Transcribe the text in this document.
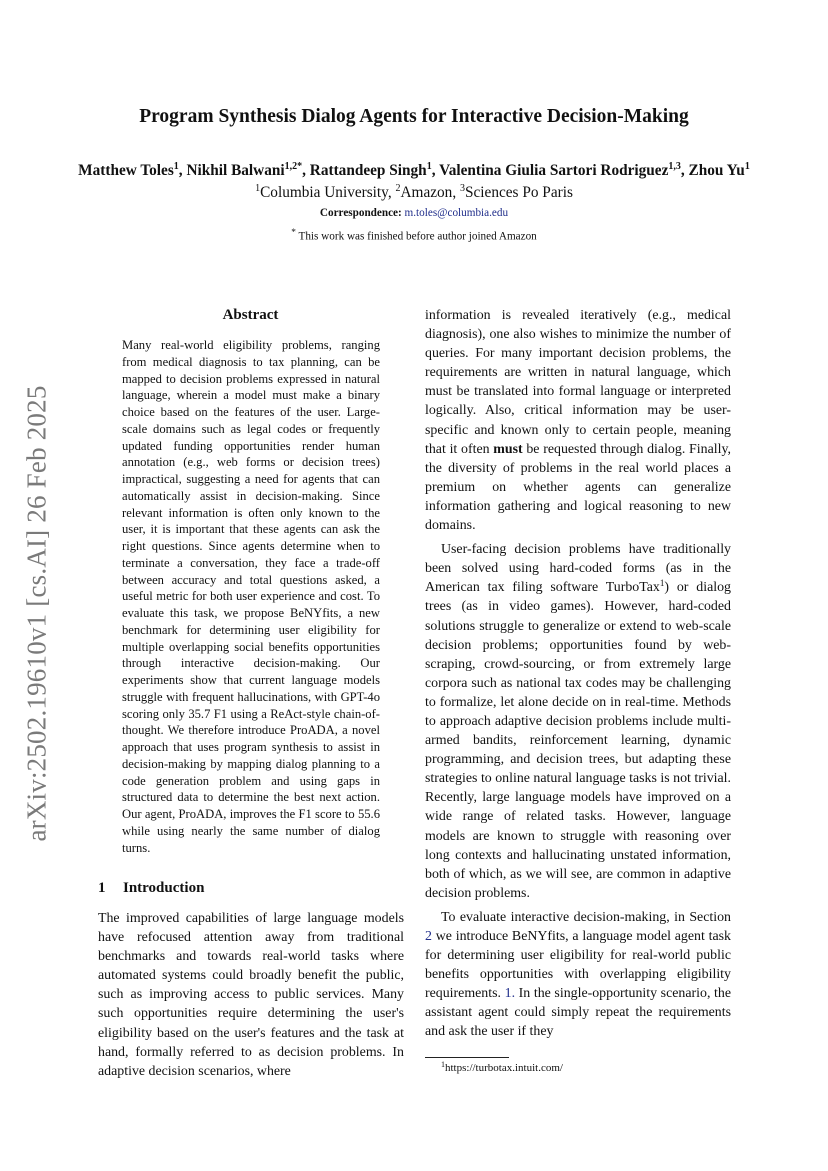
arXiv:2502.19610v1 [cs.AI] 26 Feb 2025
Program Synthesis Dialog Agents for Interactive Decision-Making
Matthew Toles$^1$, Nikhil Balwani$^{1,2*}$, Rattandeep Singh$^1$, Valentina Giulia Sartori Rodriguez$^{1,3}$, Zhou Yu$^1$
$^1$Columbia University, $^2$Amazon, $^3$Sciences Po Paris
Correspondence: m.toles@columbia.edu
* This work was finished before author joined Amazon
Abstract
Many real-world eligibility problems, ranging from medical diagnosis to tax planning, can be mapped to decision problems expressed in natural language, wherein a model must make a binary choice based on the features of the user. Large-scale domains such as legal codes or frequently updated funding opportunities render human annotation (e.g., web forms or decision trees) impractical, suggesting a need for agents that can automatically assist in decision-making. Since relevant information is often only known to the user, it is important that these agents can ask the right questions. Since agents determine when to terminate a conversation, they face a trade-off between accuracy and total questions asked, a useful metric for both user experience and cost. To evaluate this task, we propose BeNYfits, a new benchmark for determining user eligibility for multiple overlapping social benefits opportunities through interactive decision-making. Our experiments show that current language models struggle with frequent hallucinations, with GPT-4o scoring only 35.7 F1 using a ReAct-style chain-of-thought. We therefore introduce ProADA, a novel approach that uses program synthesis to assist in decision-making by mapping dialog planning to a code generation problem and using gaps in structured data to determine the best next action. Our agent, ProADA, improves the F1 score to 55.6 while using nearly the same number of dialog turns.
1 Introduction

The improved capabilities of large language models have refocused attention away from traditional benchmarks and towards real-world tasks where automated systems could broadly benefit the public, such as improving access to public services. Many such opportunities require determining the user's eligibility based on the user's features and the task at hand, formally referred to as decision problems. In adaptive decision scenarios, where

information is revealed iteratively (e.g., medical diagnosis), one also wishes to minimize the number of queries. For many important decision problems, the requirements are written in natural language, which must be translated into formal language or interpreted logically. Also, critical information may be user-specific and known only to certain people, meaning that it often must be requested through dialog. Finally, the diversity of problems in the real world places a premium on whether agents can generalize information gathering and logical reasoning to new domains.

User-facing decision problems have traditionally been solved using hard-coded forms (as in the American tax filing software TurboTax$^1$) or dialog trees (as in video games). However, hard-coded solutions struggle to generalize or extend to web-scale decision problems; opportunities found by web-scraping, crowd-sourcing, or from extremely large corpora such as national tax codes may be challenging to formalize, let alone decide on in real-time. Methods to approach adaptive decision problems include multi-armed bandits, reinforcement learning, dynamic programming, and decision trees, but adapting these strategies to online natural language tasks is not trivial. Recently, large language models have improved on a wide range of related tasks. However, language models are known to struggle with reasoning over long contexts and hallucinating unstated information, both of which, as we will see, are common in adaptive decision problems.

To evaluate interactive decision-making, in Section 2 we introduce BeNYfits, a language model agent task for determining user eligibility for real-world public benefits opportunities with overlapping eligibility requirements. 1. In the single-opportunity scenario, the assistant agent could simply repeat the requirements and ask the user if they

$^1$https://turbotax.intuit.com/
